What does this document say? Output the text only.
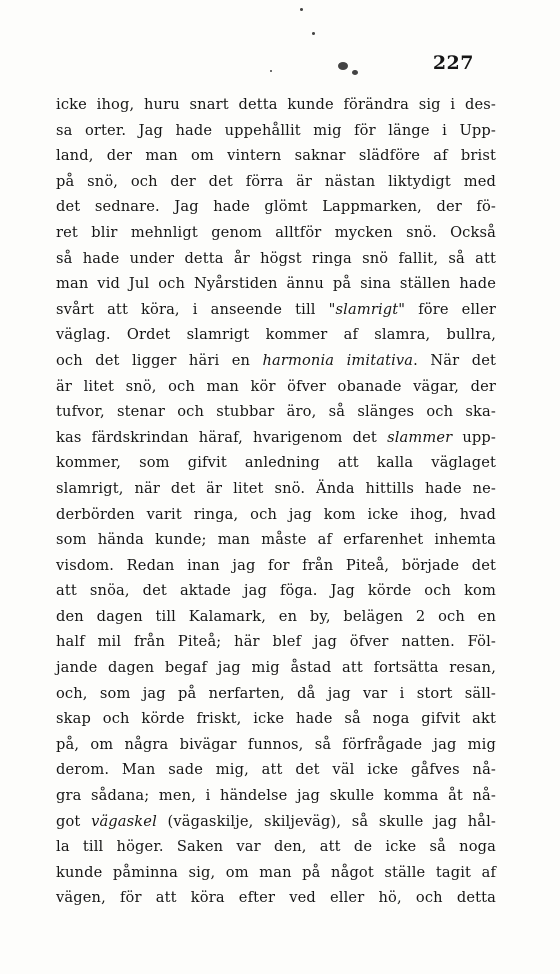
227
icke ihog, huru snart detta kunde förändra sig i des-
sa orter. Jag hade uppehållit mig för länge i Upp-
land, der man om vintern saknar slädföre af brist
på snö, och der det förra är nästan liktydigt med
det sednare. Jag hade glömt Lappmarken, der fö-
ret blir mehnligt genom alltför mycken snö. Också
så hade under detta år högst ringa snö fallit, så att
man vid Jul och Nyårstiden ännu på sina ställen hade
svårt att köra, i anseende till "slamrigt" före eller
väglag. Ordet slamrigt kommer af slamra, bullra,
och det ligger häri en harmonia imitativa. När det
är litet snö, och man kör öfver obanade vägar, der
tufvor, stenar och stubbar äro, så slänges och ska-
kas färdskrindan häraf, hvarigenom det slammer upp-
kommer, som gifvit anledning att kalla väglaget
slamrigt, när det är litet snö. Ända hittills hade ne-
derbörden varit ringa, och jag kom icke ihog, hvad
som hända kunde; man måste af erfarenhet inhemta
visdom. Redan inan jag for från Piteå, började det
att snöa, det aktade jag föga. Jag körde och kom
den dagen till Kalamark, en by, belägen 2 och en
half mil från Piteå; här blef jag öfver natten. Föl-
jande dagen begaf jag mig åstad att fortsätta resan,
och, som jag på nerfarten, då jag var i stort säll-
skap och körde friskt, icke hade så noga gifvit akt
på, om några bivägar funnos, så förfrågade jag mig
derom. Man sade mig, att det väl icke gåfves nå-
gra sådana; men, i händelse jag skulle komma åt nå-
got vägaskel (vägaskilje, skiljeväg), så skulle jag hål-
la till höger. Saken var den, att de icke så noga
kunde påminna sig, om man på något ställe tagit af
vägen, för att köra efter ved eller hö, och detta
